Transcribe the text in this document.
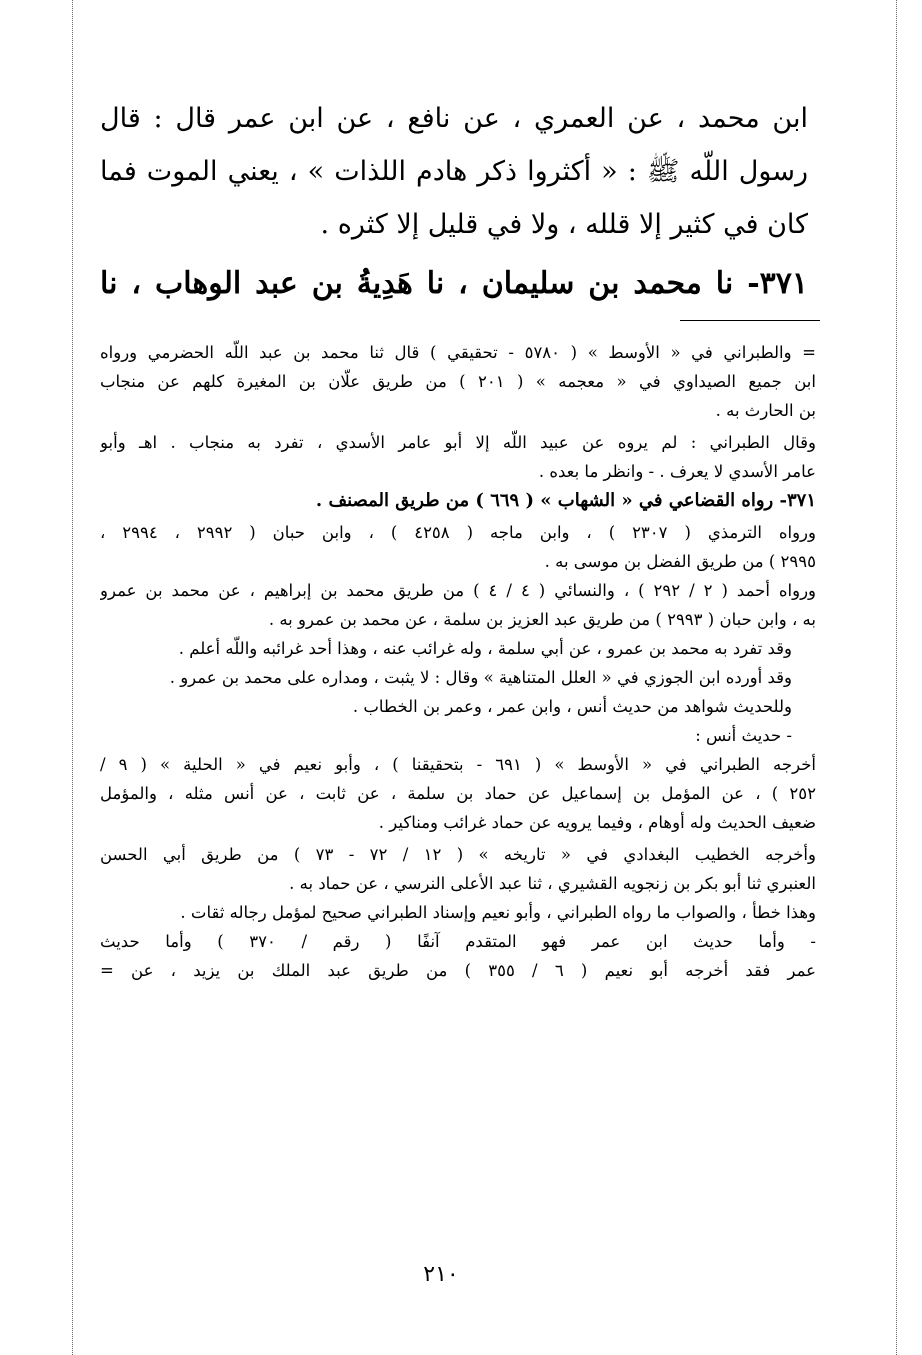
ابن محمد ، عن العمري ، عن نافع ، عن ابن عمر قال : قال
رسول اللّه ﷺ : « أكثروا ذكر هادم اللذات » ، يعني الموت فما
كان في كثير إلا قلله ، ولا في قليل إلا كثره .
٣٧١- نا محمد بن سليمان ، نا هَدِيةُ بن عبد الوهاب ، نا
= والطبراني في « الأوسط » ( ٥٧٨٠ - تحقيقي ) قال ثنا محمد بن عبد اللّه الحضرمي ورواه
ابن جميع الصيداوي في « معجمه » ( ٢٠١ ) من طريق علّان بن المغيرة كلهم عن منجاب
بن الحارث به .
وقال الطبراني : لم يروه عن عبيد اللّه إلا أبو عامر الأسدي ، تفرد به منجاب . اهـ وأبو
عامر الأسدي لا يعرف . - وانظر ما بعده .
٣٧١- رواه القضاعي في « الشهاب » ( ٦٦٩ ) من طريق المصنف .
ورواه الترمذي ( ٢٣٠٧ ) ، وابن ماجه ( ٤٢٥٨ ) ، وابن حبان ( ٢٩٩٢ ، ٢٩٩٤ ،
٢٩٩٥ ) من طريق الفضل بن موسى به .
ورواه أحمد ( ٢ / ٢٩٢ ) ، والنسائي ( ٤ / ٤ ) من طريق محمد بن إبراهيم ، عن محمد بن عمرو
به ، وابن حبان ( ٢٩٩٣ ) من طريق عبد العزيز بن سلمة ، عن محمد بن عمرو به .
وقد تفرد به محمد بن عمرو ، عن أبي سلمة ، وله غرائب عنه ، وهذا أحد غرائبه واللّه أعلم .
وقد أورده ابن الجوزي في « العلل المتناهية » وقال : لا يثبت ، ومداره على محمد بن عمرو .
وللحديث شواهد من حديث أنس ، وابن عمر ، وعمر بن الخطاب .
- حديث أنس :
أخرجه الطبراني في « الأوسط » ( ٦٩١ - بتحقيقنا ) ، وأبو نعيم في « الحلية » ( ٩ /
٢٥٢ ) ، عن المؤمل بن إسماعيل عن حماد بن سلمة ، عن ثابت ، عن أنس مثله ، والمؤمل
ضعيف الحديث وله أوهام ، وفيما يرويه عن حماد غرائب ومناكير .
وأخرجه الخطيب البغدادي في « تاريخه » ( ١٢ / ٧٢ - ٧٣ ) من طريق أبي الحسن
العنبري ثنا أبو بكر بن زنجويه القشيري ، ثنا عبد الأعلى النرسي ، عن حماد به .
وهذا خطأ ، والصواب ما رواه الطبراني ، وأبو نعيم وإسناد الطبراني صحيح لمؤمل رجاله ثقات .
- وأما حديث ابن عمر فهو المتقدم آنفًا ( رقم / ٣٧٠ ) وأما حديث
عمر فقد أخرجه أبو نعيم ( ٦ / ٣٥٥ ) من طريق عبد الملك بن يزيد ، عن =
٢١٠
